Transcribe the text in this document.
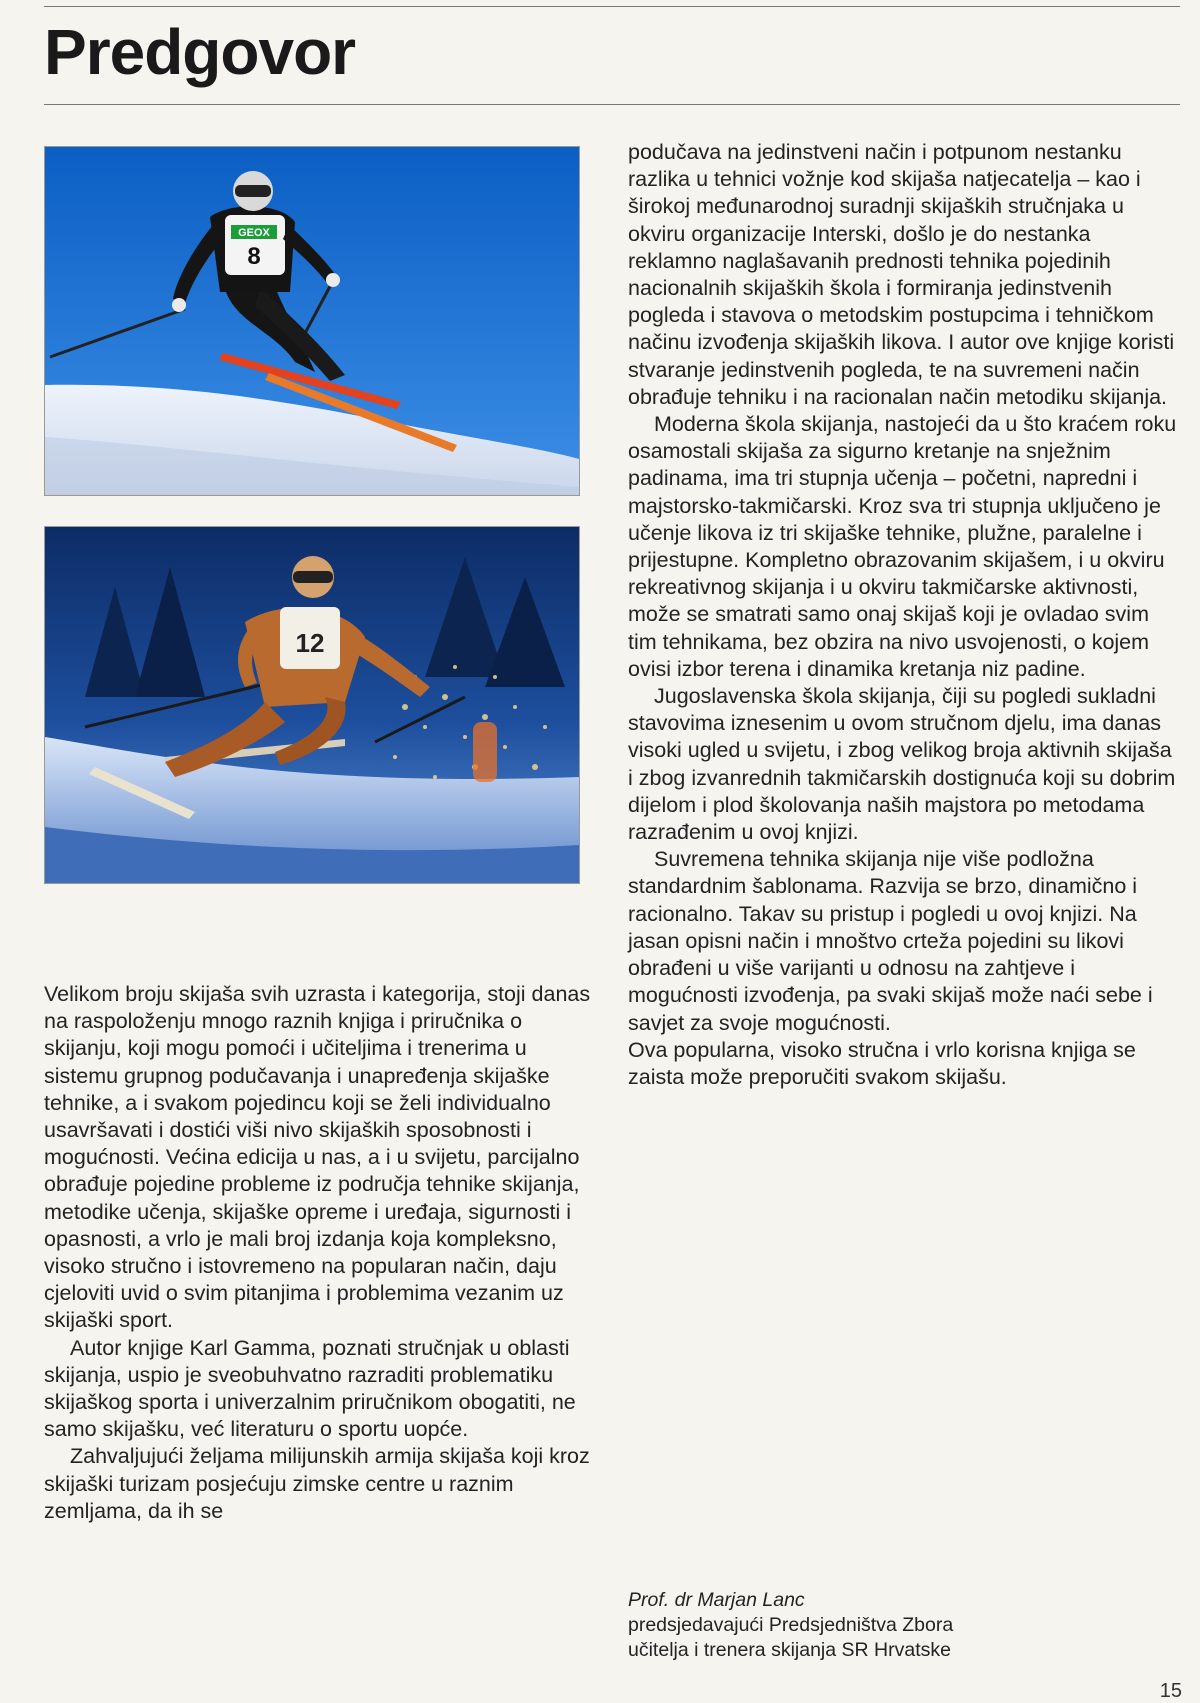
Predgovor
GEOX
8
12

Velikom broju skijaša svih uzrasta i kategorija, stoji danas na raspoloženju mnogo raznih knjiga i priručnika o skijanju, koji mogu pomoći i učiteljima i trenerima u sistemu grupnog podučavanja i unapređenja skijaške tehnike, a i svakom pojedincu koji se želi individualno usavršavati i dostići viši nivo skijaških sposobnosti i mogućnosti. Većina edicija u nas, a i u svijetu, parcijalno obrađuje pojedine probleme iz područja tehnike skijanja, metodike učenja, skijaške opreme i uređaja, sigurnosti i opasnosti, a vrlo je mali broj izdanja koja kompleksno, visoko stručno i istovremeno na popularan način, daju cjeloviti uvid o svim pitanjima i problemima vezanim uz skijaški sport.

Autor knjige Karl Gamma, poznati stručnjak u oblasti skijanja, uspio je sveobuhvatno razraditi problematiku skijaškog sporta i univerzalnim priručnikom obogatiti, ne samo skijašku, već literaturu o sportu uopće.

Zahvaljujući željama milijunskih armija skijaša koji kroz skijaški turizam posjećuju zimske centre u raznim zemljama, da ih se

podučava na jedinstveni način i potpunom nestanku razlika u tehnici vožnje kod skijaša natjecatelja – kao i širokoj međunarodnoj suradnji skijaških stručnjaka u okviru organizacije Interski, došlo je do nestanka reklamno naglašavanih prednosti tehnika pojedinih nacionalnih skijaških škola i formiranja jedinstvenih pogleda i stavova o metodskim postupcima i tehničkom načinu izvođenja skijaških likova. I autor ove knjige koristi stvaranje jedinstvenih pogleda, te na suvremeni način obrađuje tehniku i na racionalan način metodiku skijanja.

Moderna škola skijanja, nastojeći da u što kraćem roku osamostali skijaša za sigurno kretanje na snježnim padinama, ima tri stupnja učenja – početni, napredni i majstorsko-takmičarski. Kroz sva tri stupnja uključeno je učenje likova iz tri skijaške tehnike, plužne, paralelne i prijestupne. Kompletno obrazovanim skijašem, i u okviru rekreativnog skijanja i u okviru takmičarske aktivnosti, može se smatrati samo onaj skijaš koji je ovladao svim tim tehnikama, bez obzira na nivo usvojenosti, o kojem ovisi izbor terena i dinamika kretanja niz padine.

Jugoslavenska škola skijanja, čiji su pogledi sukladni stavovima iznesenim u ovom stručnom djelu, ima danas visoki ugled u svijetu, i zbog velikog broja aktivnih skijaša i zbog izvanrednih takmičarskih dostignuća koji su dobrim dijelom i plod školovanja naših majstora po metodama razrađenim u ovoj knjizi.

Suvremena tehnika skijanja nije više podložna standardnim šablonama. Razvija se brzo, dinamično i racionalno. Takav su pristup i pogledi u ovoj knjizi. Na jasan opisni način i mnoštvo crteža pojedini su likovi obrađeni u više varijanti u odnosu na zahtjeve i mogućnosti izvođenja, pa svaki skijaš može naći sebe i savjet za svoje mogućnosti.

Ova popularna, visoko stručna i vrlo korisna knjiga se zaista može preporučiti svakom skijašu.

Prof. dr Marjan Lanc
predsjedavajući Predsjedništva Zbora
učitelja i trenera skijanja SR Hrvatske
15
